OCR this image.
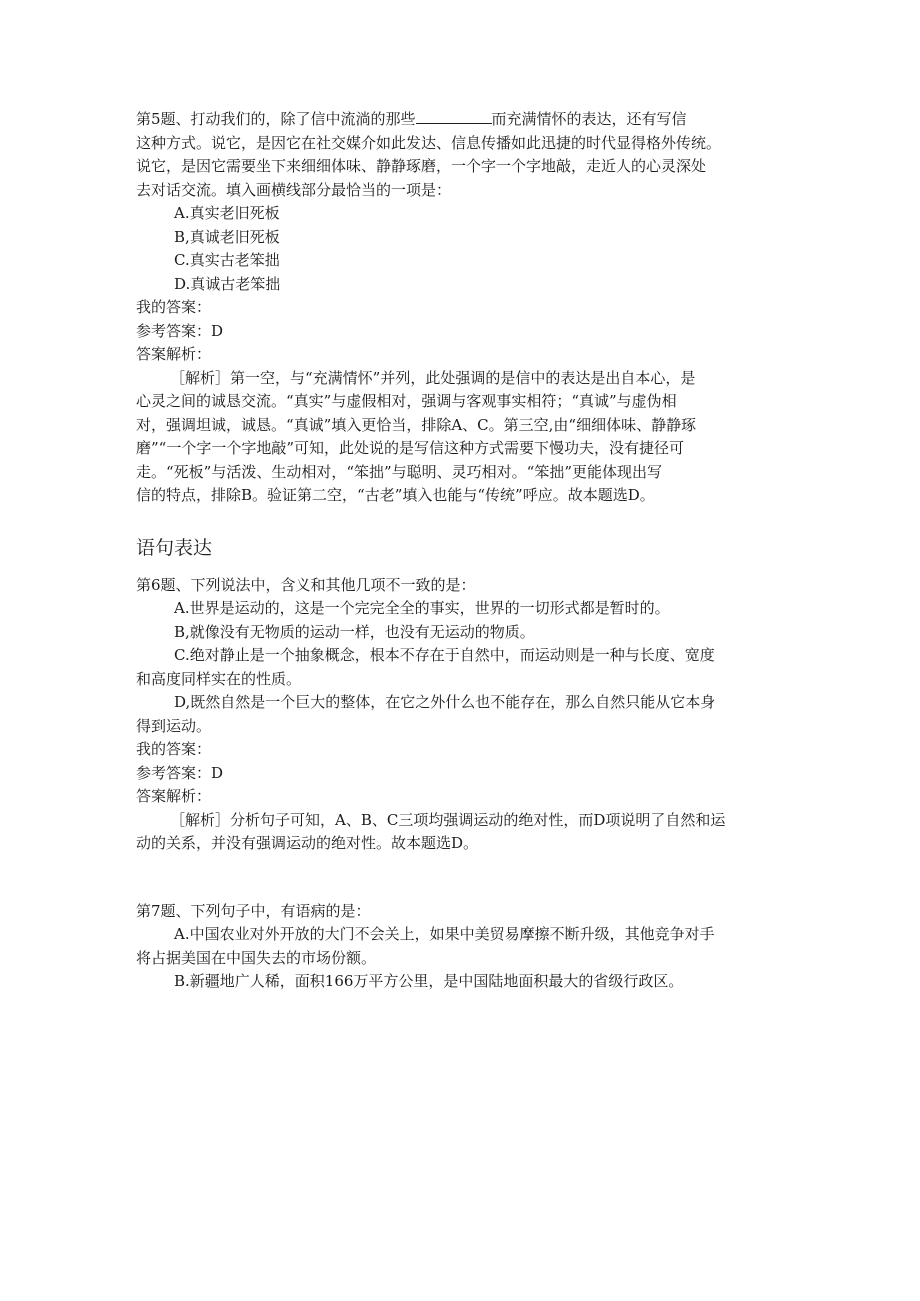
第5题、打动我们的，除了信中流淌的那些	而充满情怀的表达，还有写信
这种方式。说它，是因它在社交媒介如此发达、信息传播如此迅捷的时代显得格外传统。
说它，是因它需要坐下来细细体味、静静琢磨，一个字一个字地敲，走近人的心灵深处
去对话交流。填入画横线部分最恰当的一项是：
A.真实老旧死板
B,真诚老旧死板
C.真实古老笨拙
D.真诚古老笨拙
我的答案：
参考答案：D
答案解析：
［解析］第一空，与“充满情怀”并列，此处强调的是信中的表达是出自本心，是
心灵之间的诚恳交流。“真实”与虚假相对，强调与客观事实相符；“真诚”与虚伪相
对，强调坦诚，诚恳。“真诚”填入更恰当，排除A、C。第三空,由“细细体味、静静琢
磨”“一个字一个字地敲”可知，此处说的是写信这种方式需要下慢功夫，没有捷径可
走。“死板”与活泼、生动相对，“笨拙”与聪明、灵巧相对。“笨拙”更能体现出写
信的特点，排除B。验证第二空，“古老”填入也能与“传统”呼应。故本题选D。
语句表达
第6题、下列说法中，含义和其他几项不一致的是：
A.世界是运动的，这是一个完完全全的事实，世界的一切形式都是暂时的。
B,就像没有无物质的运动一样，也没有无运动的物质。
C.绝对静止是一个抽象概念，根本不存在于自然中，而运动则是一种与长度、宽度
和高度同样实在的性质。
D,既然自然是一个巨大的整体，在它之外什么也不能存在，那么自然只能从它本身
得到运动。
我的答案：
参考答案：D
答案解析：
［解析］分析句子可知，A、B、C三项均强调运动的绝对性，而D项说明了自然和运
动的关系，并没有强调运动的绝对性。故本题选D。
第7题、下列句子中，有语病的是：
A.中国农业对外开放的大门不会关上，如果中美贸易摩擦不断升级，其他竞争对手
将占据美国在中国失去的市场份额。
B.新疆地广人稀，面积166万平方公里，是中国陆地面积最大的省级行政区。
